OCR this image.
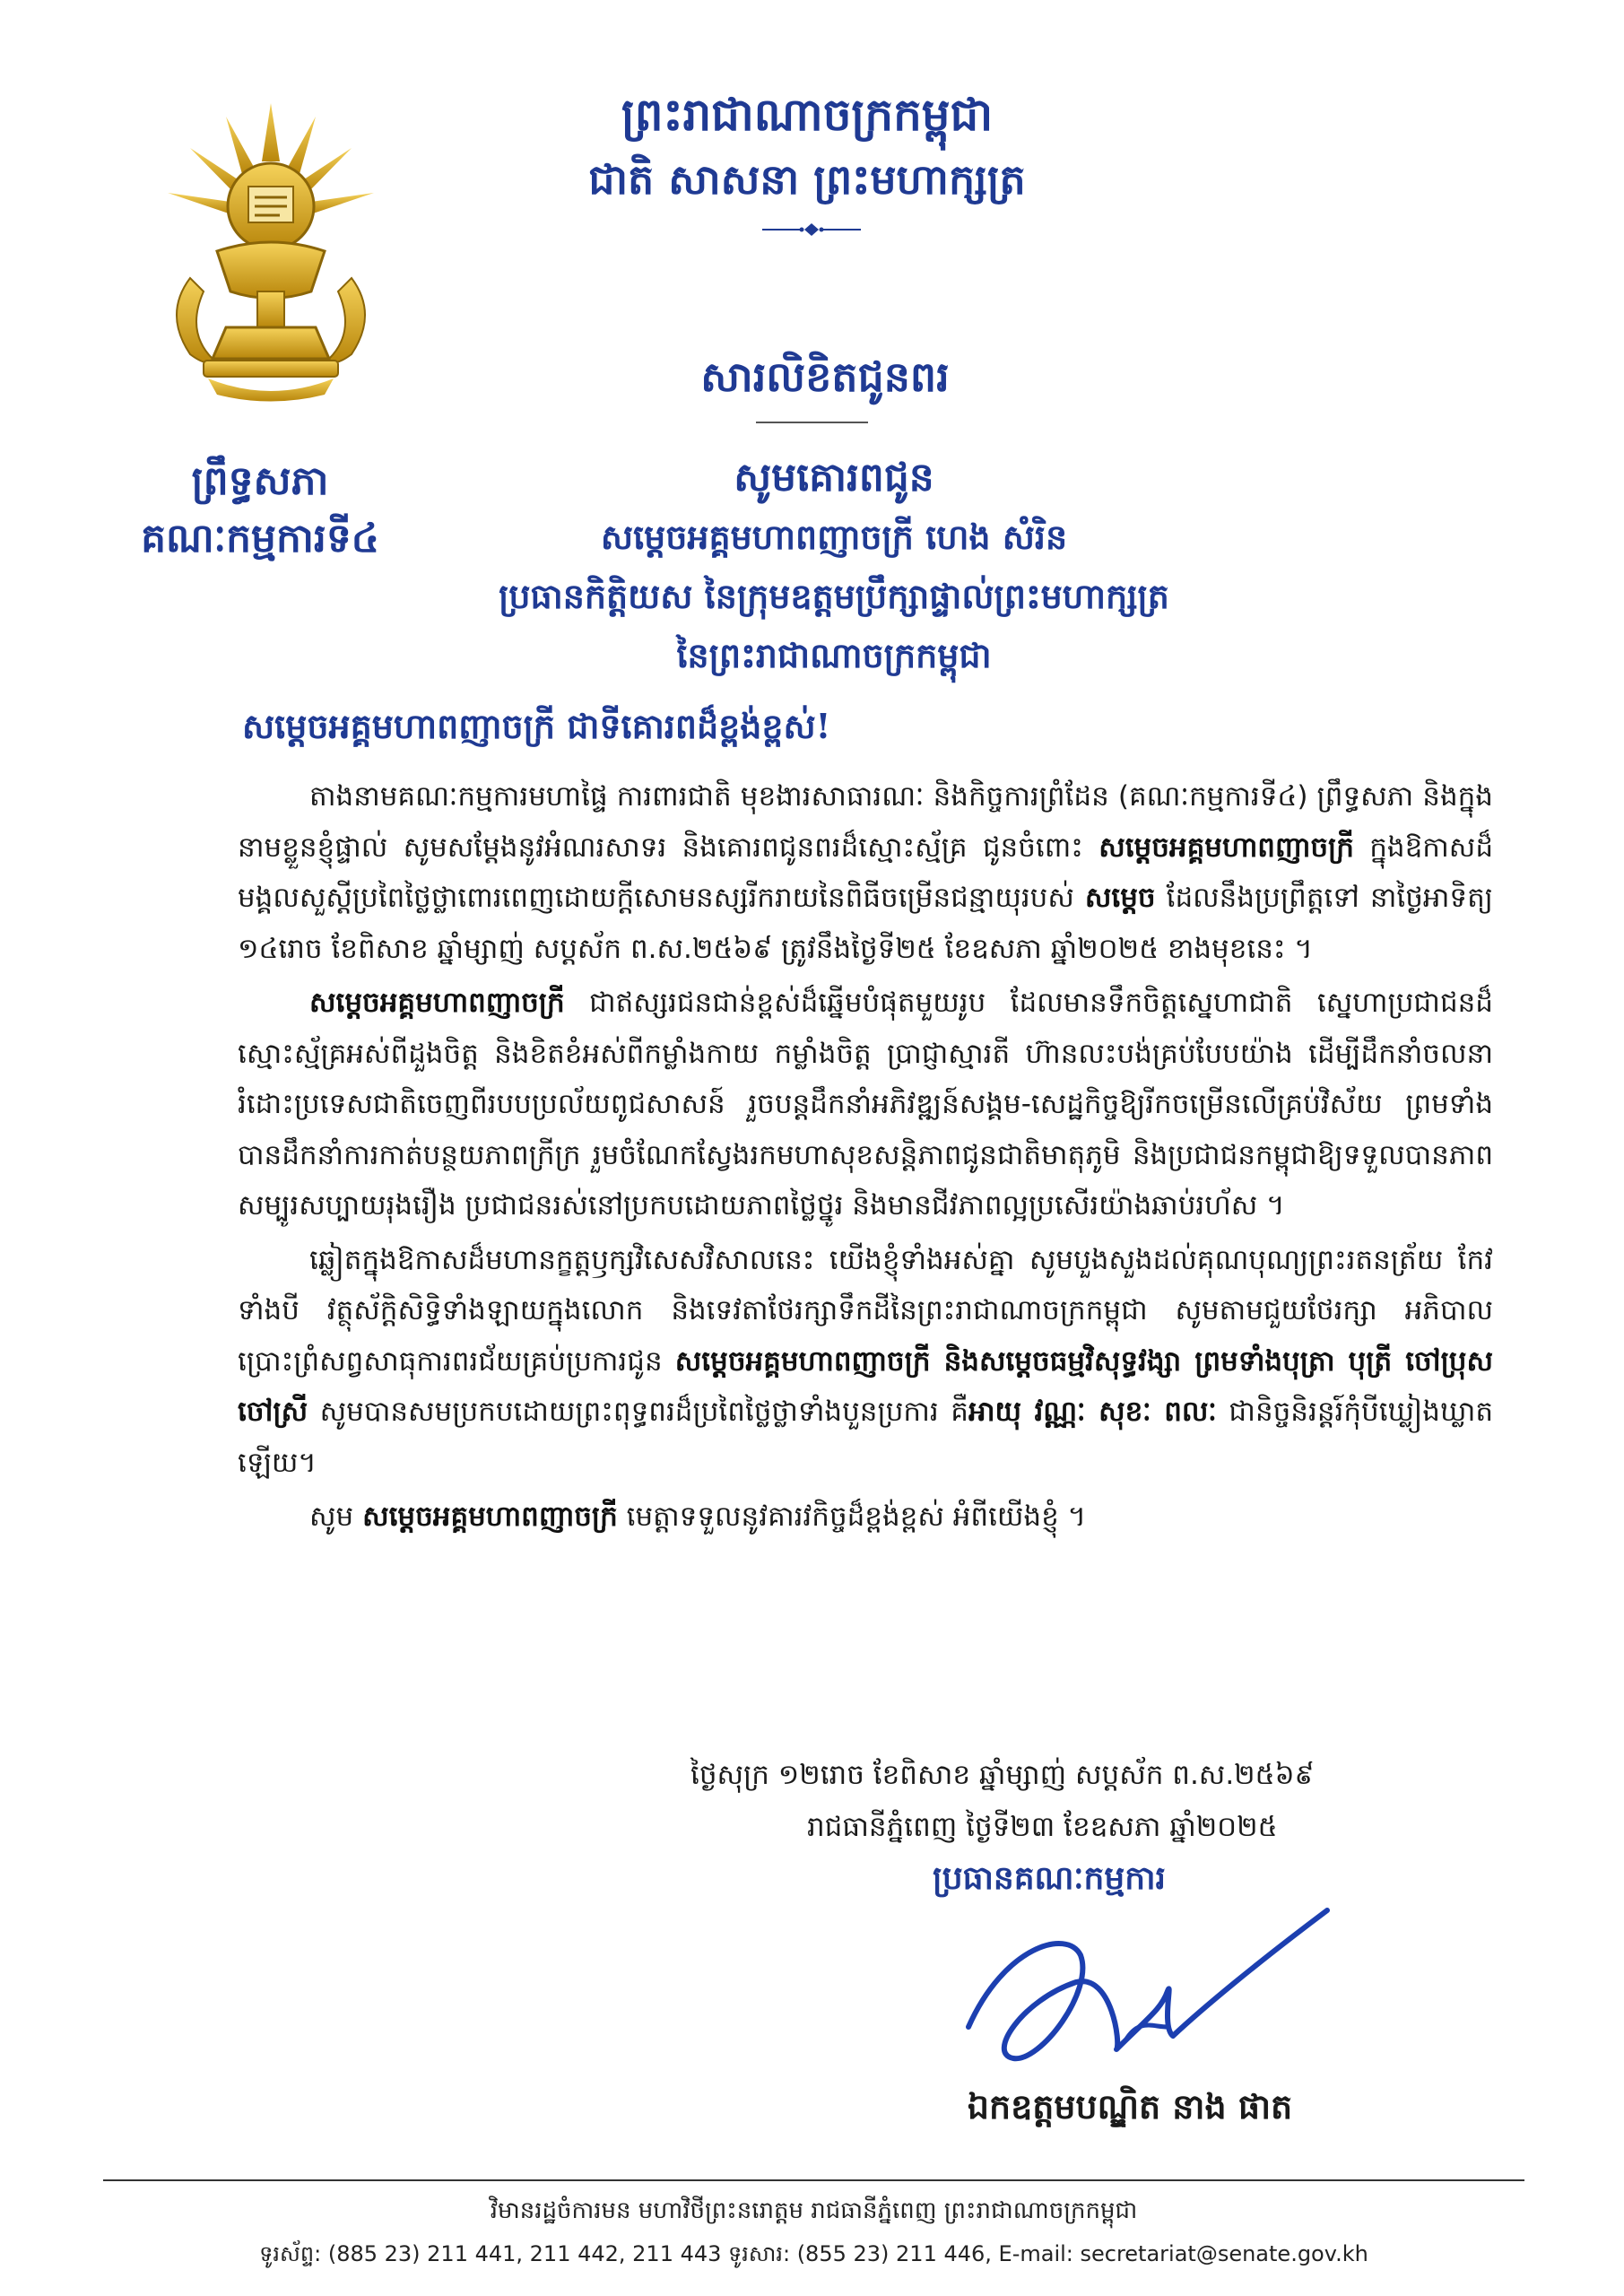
ព្រះរាជាណាចក្រកម្ពុជា
ជាតិ សាសនា ព្រះមហាក្សត្រ
ព្រឹទ្ធសភា
គណៈកម្មការទី៤
សារលិខិតជូនពរ
សូមគោរពជូន
សម្តេចអគ្គមហាពញាចក្រី ហេង សំរិន
ប្រធានកិត្តិយស នៃក្រុមឧត្តមប្រឹក្សាផ្ទាល់ព្រះមហាក្សត្រ
នៃព្រះរាជាណាចក្រកម្ពុជា
សម្តេចអគ្គមហាពញាចក្រី ជាទីគោរពដ៏ខ្ពង់ខ្ពស់!

តាងនាមគណៈកម្មការមហាផ្ទៃ ការពារជាតិ មុខងារសាធារណៈ និងកិច្ចការព្រំដែន (គណៈកម្មការទី៤) ព្រឹទ្ធសភា និងក្នុងនាមខ្លួនខ្ញុំផ្ទាល់ សូមសម្តែងនូវអំណរសាទរ និងគោរពជូនពរដ៏ស្មោះស្ម័គ្រ ជូនចំពោះ សម្តេចអគ្គមហាពញាចក្រី ក្នុងឱកាសដ៏មង្គលសួស្តីប្រពៃថ្លៃថ្លាពោរពេញដោយក្តីសោមនស្សរីករាយនៃពិធីចម្រើនជន្មាយុរបស់ សម្តេច ដែលនឹងប្រព្រឹត្តទៅ នាថ្ងៃអាទិត្យ ១៤រោច ខែពិសាខ ឆ្នាំម្សាញ់ សប្តស័ក ព.ស.២៥៦៩ ត្រូវនឹងថ្ងៃទី២៥ ខែឧសភា ឆ្នាំ២០២៥ ខាងមុខនេះ ។

សម្តេចអគ្គមហាពញាចក្រី ជាឥស្សរជនជាន់ខ្ពស់ដ៏ឆ្នើមបំផុតមួយរូប ដែលមានទឹកចិត្តស្នេហាជាតិ ស្នេហាប្រជាជនដ៏ស្មោះស្ម័គ្រអស់ពីដួងចិត្ត និងខិតខំអស់ពីកម្លាំងកាយ កម្លាំងចិត្ត ប្រាជ្ញាស្មារតី ហ៊ានលះបង់គ្រប់បែបយ៉ាង ដើម្បីដឹកនាំចលនារំដោះប្រទេសជាតិចេញពីរបបប្រល័យពូជសាសន៍ រួចបន្តដឹកនាំអភិវឌ្ឍន៍សង្គម-សេដ្ឋកិច្ចឱ្យរីកចម្រើនលើគ្រប់វិស័យ ព្រមទាំងបានដឹកនាំការកាត់បន្ថយភាពក្រីក្រ រួមចំណែកស្វែងរកមហាសុខសន្តិភាពជូនជាតិមាតុភូមិ និងប្រជាជនកម្ពុជាឱ្យទទួលបានភាពសម្បូរសប្បាយរុងរឿង ប្រជាជនរស់នៅប្រកបដោយភាពថ្លៃថ្នូរ និងមានជីវភាពល្អប្រសើរយ៉ាងឆាប់រហ័ស ។

ឆ្លៀតក្នុងឱកាសដ៏មហានក្ខត្តឫក្សវិសេសវិសាលនេះ យើងខ្ញុំទាំងអស់គ្នា សូមបួងសួងដល់គុណបុណ្យព្រះរតនត្រ័យ កែវទាំងបី វត្ថុស័ក្តិសិទ្ធិទាំងឡាយក្នុងលោក និងទេវតាថែរក្សាទឹកដីនៃព្រះរាជាណាចក្រកម្ពុជា សូមតាមជួយថែរក្សា អភិបាលប្រោះព្រំសព្វសាធុការពរជ័យគ្រប់ប្រការជូន សម្តេចអគ្គមហាពញាចក្រី និងសម្តេចធម្មវិសុទ្ធវង្សា ព្រមទាំងបុត្រា បុត្រី ចៅប្រុស ចៅស្រី សូមបានសមប្រកបដោយព្រះពុទ្ធពរដ៏ប្រពៃថ្លៃថ្លាទាំងបួនប្រការ គឺអាយុ វណ្ណៈ សុខៈ ពលៈ ជានិច្ចនិរន្តរ៍កុំបីឃ្លៀងឃ្លាតឡើយ។

សូម សម្តេចអគ្គមហាពញាចក្រី មេត្តាទទួលនូវគារវកិច្ចដ៏ខ្ពង់ខ្ពស់ អំពីយើងខ្ញុំ ។

ថ្ងៃសុក្រ ១២រោច ខែពិសាខ ឆ្នាំម្សាញ់ សប្តស័ក ព.ស.២៥៦៩
រាជធានីភ្នំពេញ ថ្ងៃទី២៣ ខែឧសភា ឆ្នាំ២០២៥
ប្រធានគណៈកម្មការ
ឯកឧត្តមបណ្ឌិត នាង ផាត
វិមានរដ្ឋចំការមន មហាវិថីព្រះនរោត្តម រាជធានីភ្នំពេញ ព្រះរាជាណាចក្រកម្ពុជា
ទូរស័ព្ទ: (885 23) 211 441, 211 442, 211 443 ទូរសារ: (855 23) 211 446, E-mail: secretariat@senate.gov.kh
